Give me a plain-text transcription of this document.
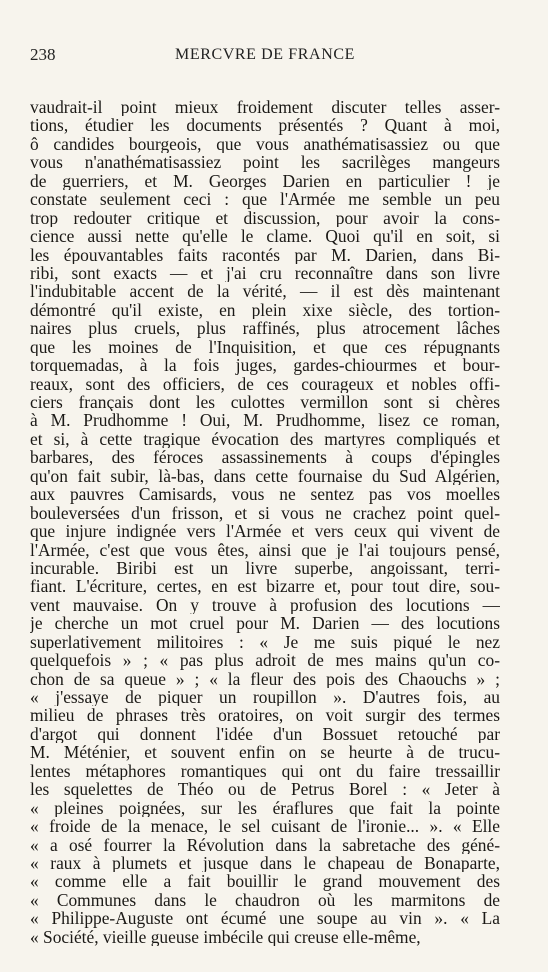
238	MERCVRE DE FRANCE
vaudrait-il point mieux froidement discuter telles asser-
tions, étudier les documents présentés ? Quant à moi,
ô candides bourgeois, que vous anathématisassiez ou que
vous n'anathématisassiez point les sacrilèges mangeurs
de guerriers, et M. Georges Darien en particulier ! je
constate seulement ceci : que l'Armée me semble un peu
trop redouter critique et discussion, pour avoir la cons-
cience aussi nette qu'elle le clame. Quoi qu'il en soit, si
les épouvantables faits racontés par M. Darien, dans Bi-
ribi, sont exacts — et j'ai cru reconnaître dans son livre
l'indubitable accent de la vérité, — il est dès maintenant
démontré qu'il existe, en plein xixe siècle, des tortion-
naires plus cruels, plus raffinés, plus atrocement lâches
que les moines de l'Inquisition, et que ces répugnants
torquemadas, à la fois juges, gardes-chiourmes et bour-
reaux, sont des officiers, de ces courageux et nobles offi-
ciers français dont les culottes vermillon sont si chères
à M. Prudhomme ! Oui, M. Prudhomme, lisez ce roman,
et si, à cette tragique évocation des martyres compliqués et
barbares, des féroces assassinements à coups d'épingles
qu'on fait subir, là-bas, dans cette fournaise du Sud Algérien,
aux pauvres Camisards, vous ne sentez pas vos moelles
bouleversées d'un frisson, et si vous ne crachez point quel-
que injure indignée vers l'Armée et vers ceux qui vivent de
l'Armée, c'est que vous êtes, ainsi que je l'ai toujours pensé,
incurable. Biribi est un livre superbe, angoissant, terri-
fiant. L'écriture, certes, en est bizarre et, pour tout dire, sou-
vent mauvaise. On y trouve à profusion des locutions —
je cherche un mot cruel pour M. Darien — des locutions
superlativement militoires : « Je me suis piqué le nez
quelquefois » ; « pas plus adroit de mes mains qu'un co-
chon de sa queue » ; « la fleur des pois des Chaouchs » ;
« j'essaye de piquer un roupillon ». D'autres fois, au
milieu de phrases très oratoires, on voit surgir des termes
d'argot qui donnent l'idée d'un Bossuet retouché par
M. Méténier, et souvent enfin on se heurte à de trucu-
lentes métaphores romantiques qui ont du faire tressaillir
les squelettes de Théo ou de Petrus Borel : « Jeter à
« pleines poignées, sur les éraflures que fait la pointe
« froide de la menace, le sel cuisant de l'ironie... ». « Elle
« a osé fourrer la Révolution dans la sabretache des géné-
« raux à plumets et jusque dans le chapeau de Bonaparte,
« comme elle a fait bouillir le grand mouvement des
« Communes dans le chaudron où les marmitons de
« Philippe-Auguste ont écumé une soupe au vin ». « La
« Société, vieille gueuse imbécile qui creuse elle-même,
